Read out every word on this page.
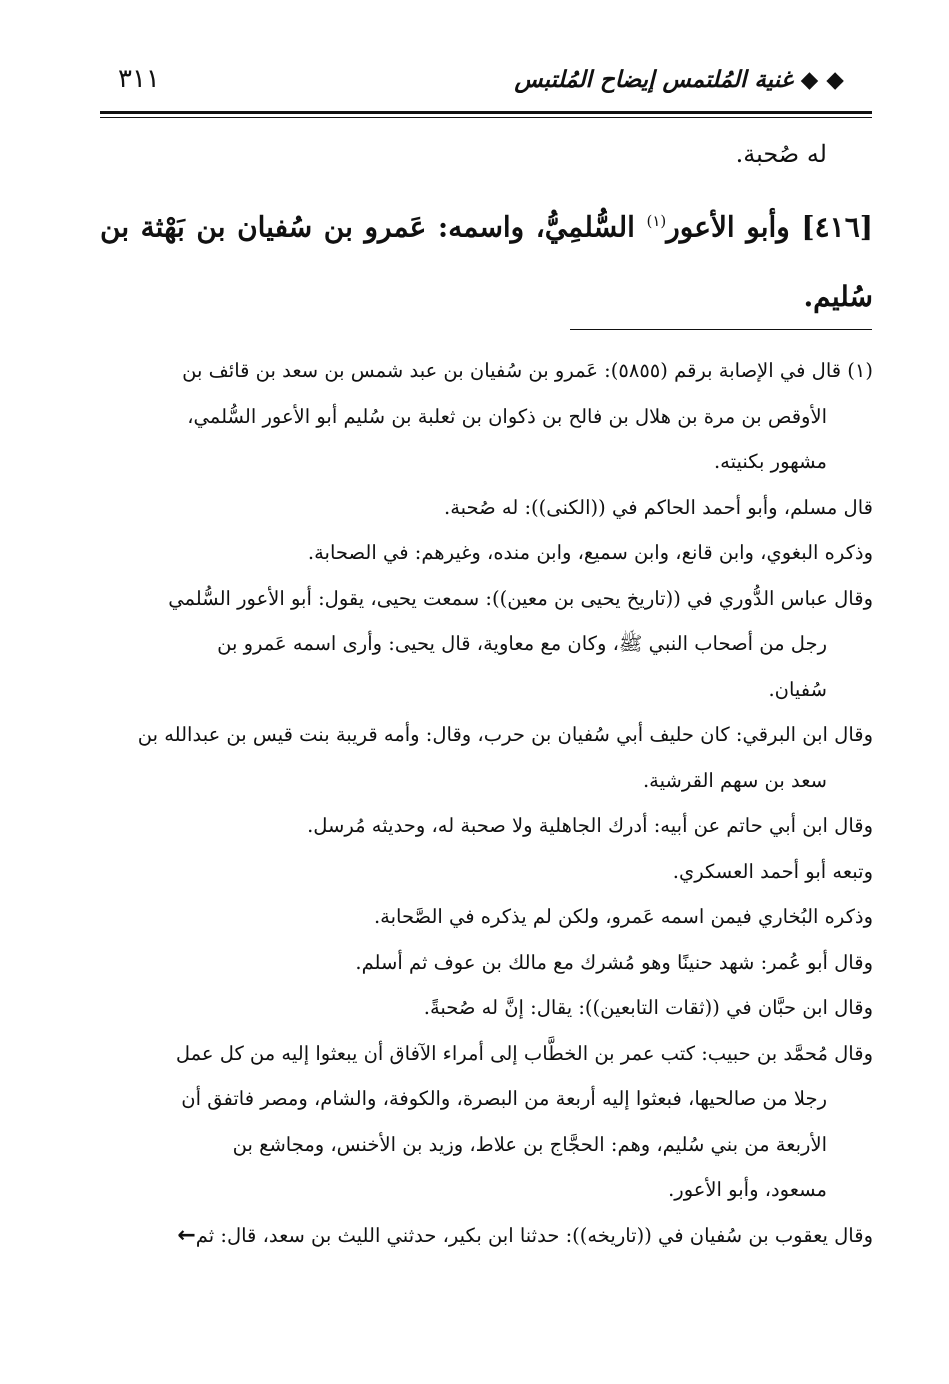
◆ ◆ غنية المُلتمس إيضاح المُلتبس
٣١١
له صُحبة.
[٤١٦] وأبو الأعور$^{(١)}$ السُّلمِيُّ، واسمه: عَمرو بن سُفيان بن بَهْثة بن سُليم.

(١) قال في الإصابة برقم (٥٨٥٥): عَمرو بن سُفيان بن عبد شمس بن سعد بن قائف بن

الأوقص بن مرة بن هلال بن فالح بن ذكوان بن ثعلبة بن سُليم أبو الأعور السُّلمي،

مشهور بكنيته.

قال مسلم، وأبو أحمد الحاكم في ((الكنى)): له صُحبة.

وذكره البغوي، وابن قانع، وابن سميع، وابن منده، وغيرهم: في الصحابة.

وقال عباس الدُّوري في ((تاريخ يحيى بن معين)): سمعت يحيى، يقول: أبو الأعور السُّلمي

رجل من أصحاب النبي ﷺ، وكان مع معاوية، قال يحيى: وأرى اسمه عَمرو بن

سُفيان.

وقال ابن البرقي: كان حليف أبي سُفيان بن حرب، وقال: وأمه قريبة بنت قيس بن عبدالله بن

سعد بن سهم القرشية.

وقال ابن أبي حاتم عن أبيه: أدرك الجاهلية ولا صحبة له، وحديثه مُرسل.

وتبعه أبو أحمد العسكري.

وذكره البُخاري فيمن اسمه عَمرو، ولكن لم يذكره في الصَّحابة.

وقال أبو عُمر: شهد حنينًا وهو مُشرك مع مالك بن عوف ثم أسلم.

وقال ابن حبَّان في ((ثقات التابعين)): يقال: إنَّ له صُحبةً.

وقال مُحمَّد بن حبيب: كتب عمر بن الخطَّاب إلى أمراء الآفاق أن يبعثوا إليه من كل عمل

رجلا من صالحيها، فبعثوا إليه أربعة من البصرة، والكوفة، والشام، ومصر فاتفق أن

الأربعة من بني سُليم، وهم: الحجَّاج بن علاط، وزيد بن الأخنس، ومجاشع بن

مسعود، وأبو الأعور.

وقال يعقوب بن سُفيان في ((تاريخه)): حدثنا ابن بكير، حدثني الليث بن سعد، قال: ثم←
